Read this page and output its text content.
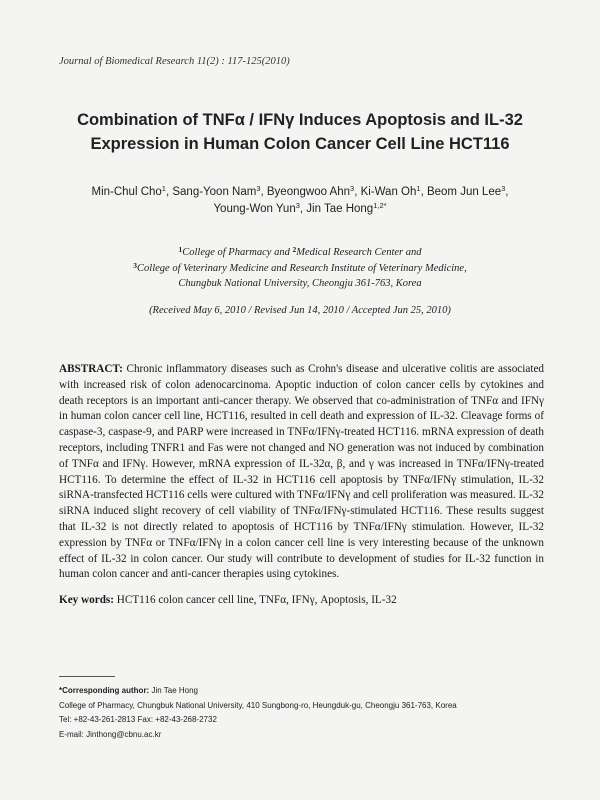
Journal of Biomedical Research 11(2) : 117-125(2010)
Combination of TNFα / IFNγ Induces Apoptosis and IL-32
Expression in Human Colon Cancer Cell Line HCT116
Min-Chul Cho$^1$, Sang-Yoon Nam$^3$, Byeongwoo Ahn$^3$, Ki-Wan Oh$^1$, Beom Jun Lee$^3$,
Young-Won Yun$^3$, Jin Tae Hong$^{1,2*}$
$^1$College of Pharmacy and $^2$Medical Research Center and
$^3$College of Veterinary Medicine and Research Institute of Veterinary Medicine,
Chungbuk National University, Cheongju 361-763, Korea
(Received May 6, 2010 / Revised Jun 14, 2010 / Accepted Jun 25, 2010)
ABSTRACT: Chronic inflammatory diseases such as Crohn's disease and ulcerative colitis are associated with increased risk of colon adenocarcinoma. Apoptic induction of colon cancer cells by cytokines and death receptors is an important anti-cancer therapy. We observed that co-administration of TNFα and IFNγ in human colon cancer cell line, HCT116, resulted in cell death and expression of IL-32. Cleavage forms of caspase-3, caspase-9, and PARP were increased in TNFα/IFNγ-treated HCT116. mRNA expression of death receptors, including TNFR1 and Fas were not changed and NO generation was not induced by combination of TNFα and IFNγ. However, mRNA expression of IL-32α, β, and γ was increased in TNFα/IFNγ-treated HCT116. To determine the effect of IL-32 in HCT116 cell apoptosis by TNFα/IFNγ stimulation, IL-32 siRNA-transfected HCT116 cells were cultured with TNFα/IFNγ and cell proliferation was measured. IL-32 siRNA induced slight recovery of cell viability of TNFα/IFNγ-stimulated HCT116. These results suggest that IL-32 is not directly related to apoptosis of HCT116 by TNFα/IFNγ stimulation. However, IL-32 expression by TNFα or TNFα/IFNγ in a colon cancer cell line is very interesting because of the unknown effect of IL-32 in colon cancer. Our study will contribute to development of studies for IL-32 function in human colon cancer and anti-cancer therapies using cytokines.
Key words: HCT116 colon cancer cell line, TNFα, IFNγ, Apoptosis, IL-32
*Corresponding author: Jin Tae Hong
College of Pharmacy, Chungbuk National University, 410 Sungbong-ro, Heungduk-gu, Cheongju 361-763, Korea
Tel: +82-43-261-2813 Fax: +82-43-268-2732
E-mail: Jinthong@cbnu.ac.kr
